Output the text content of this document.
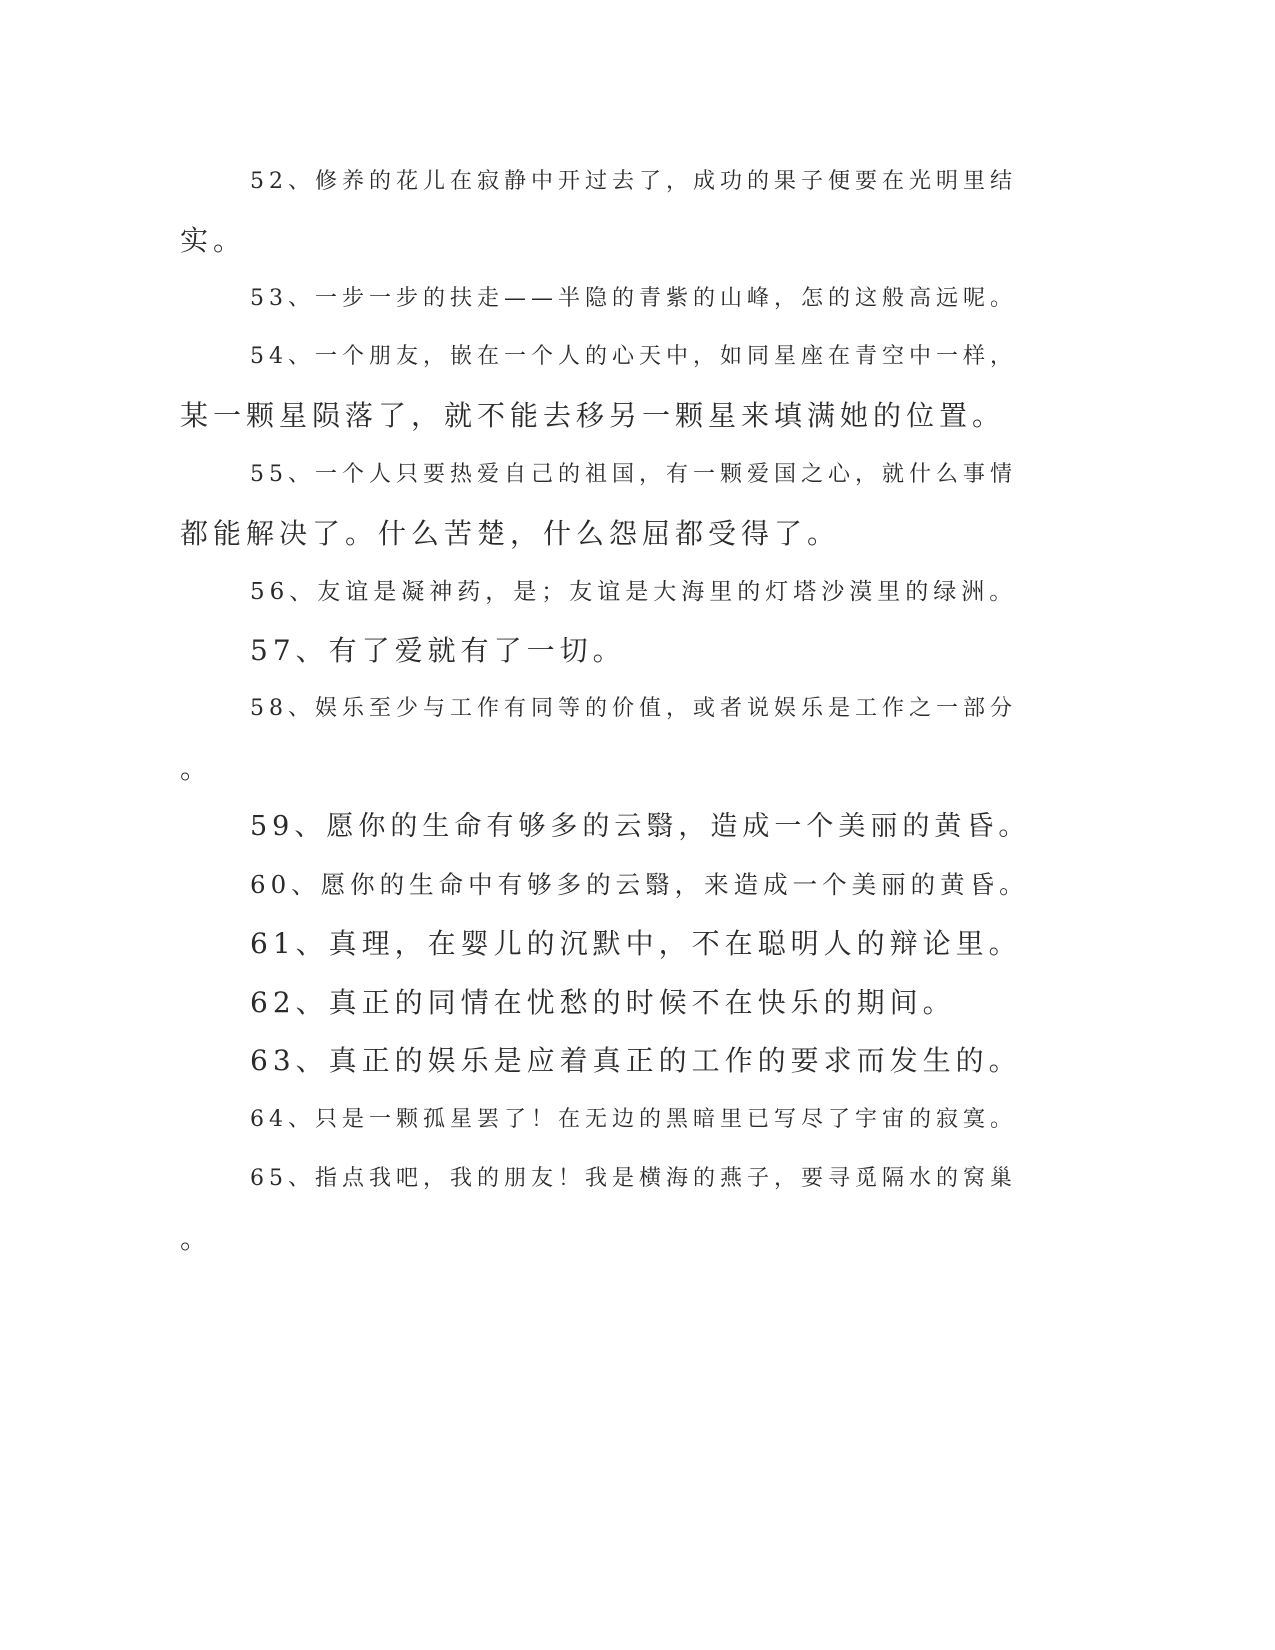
52、修养的花儿在寂静中开过去了，成功的果子便要在光明里结
实。
53、一步一步的扶走——半隐的青紫的山峰，怎的这般高远呢。
54、一个朋友，嵌在一个人的心天中，如同星座在青空中一样，
某一颗星陨落了，就不能去移另一颗星来填满她的位置。
55、一个人只要热爱自己的祖国，有一颗爱国之心，就什么事情
都能解决了。什么苦楚，什么怨屈都受得了。
56、友谊是凝神药，是；友谊是大海里的灯塔沙漠里的绿洲。
57、有了爱就有了一切。
58、娱乐至少与工作有同等的价值，或者说娱乐是工作之一部分
。
59、愿你的生命有够多的云翳，造成一个美丽的黄昏。
60、愿你的生命中有够多的云翳，来造成一个美丽的黄昏。
61、真理，在婴儿的沉默中，不在聪明人的辩论里。
62、真正的同情在忧愁的时候不在快乐的期间。
63、真正的娱乐是应着真正的工作的要求而发生的。
64、只是一颗孤星罢了！在无边的黑暗里已写尽了宇宙的寂寞。
65、指点我吧，我的朋友！我是横海的燕子，要寻觅隔水的窝巢
。
